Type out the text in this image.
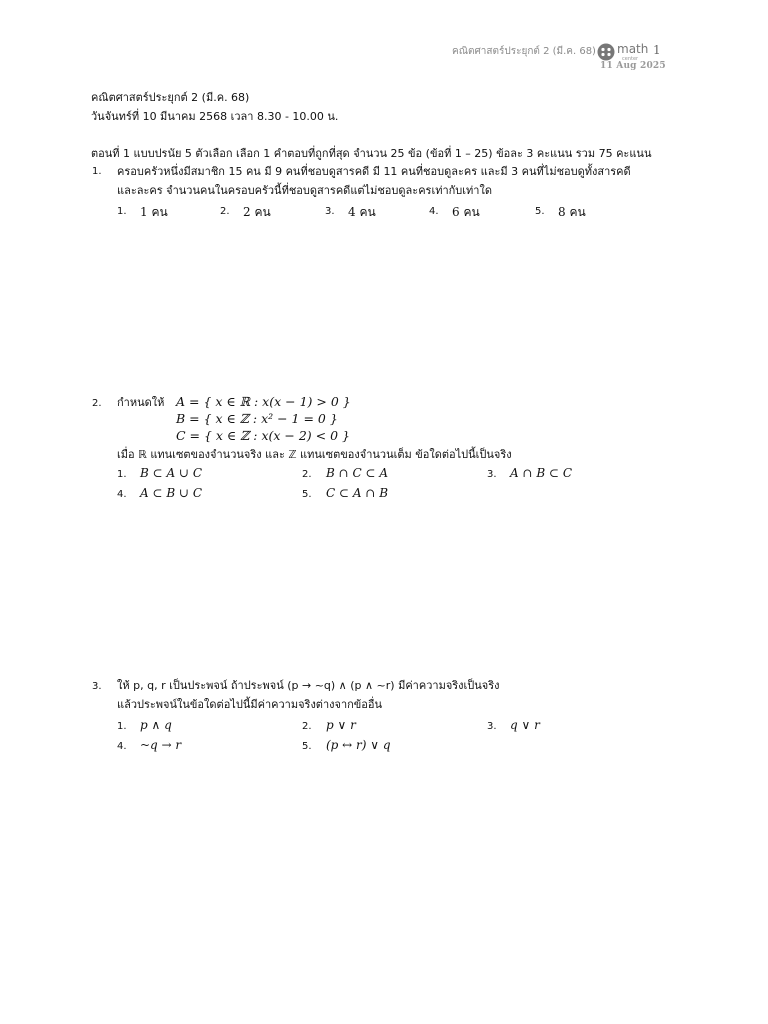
คณิตศาสตร์ประยุกต์ 2 (มี.ค. 68) math
center
1
11 Aug 2025
คณิตศาสตร์ประยุกต์ 2 (มี.ค. 68)
วันจันทร์ที่ 10 มีนาคม 2568 เวลา 8.30 - 10.00 น.
ตอนที่ 1 แบบปรนัย 5 ตัวเลือก เลือก 1 คำตอบที่ถูกที่สุด จำนวน 25 ข้อ (ข้อที่ 1 – 25) ข้อละ 3 คะแนน รวม 75 คะแนน
1. ครอบครัวหนึ่งมีสมาชิก 15 คน มี 9 คนที่ชอบดูสารคดี มี 11 คนที่ชอบดูละคร และมี 3 คนที่ไม่ชอบดูทั้งสารคดี
และละคร จำนวนคนในครอบครัวนี้ที่ชอบดูสารคดีแต่ไม่ชอบดูละครเท่ากับเท่าใด
1. 1 คน	2. 2 คน	3. 4 คน	4. 6 คน	5. 8 คน
2. กำหนดให้ A = { x ∈ ℝ : x(x − 1) > 0 }
B = { x ∈ ℤ : x² − 1 = 0 }
C = { x ∈ ℤ : x(x − 2) < 0 }
เมื่อ ℝ แทนเซตของจำนวนจริง และ ℤ แทนเซตของจำนวนเต็ม ข้อใดต่อไปนี้เป็นจริง
1. B ⊂ A ∪ C	2. B ∩ C ⊂ A	3. A ∩ B ⊂ C
4. A ⊂ B ∪ C	5. C ⊂ A ∩ B
3. ให้ p, q, r เป็นประพจน์ ถ้าประพจน์ (p → ~q) ∧ (p ∧ ~r) มีค่าความจริงเป็นจริง
แล้วประพจน์ในข้อใดต่อไปนี้มีค่าความจริงต่างจากข้ออื่น
1. p ∧ q	2. p ∨ r	3. q ∨ r
4. ~q → r	5. (p ↔ r) ∨ q
